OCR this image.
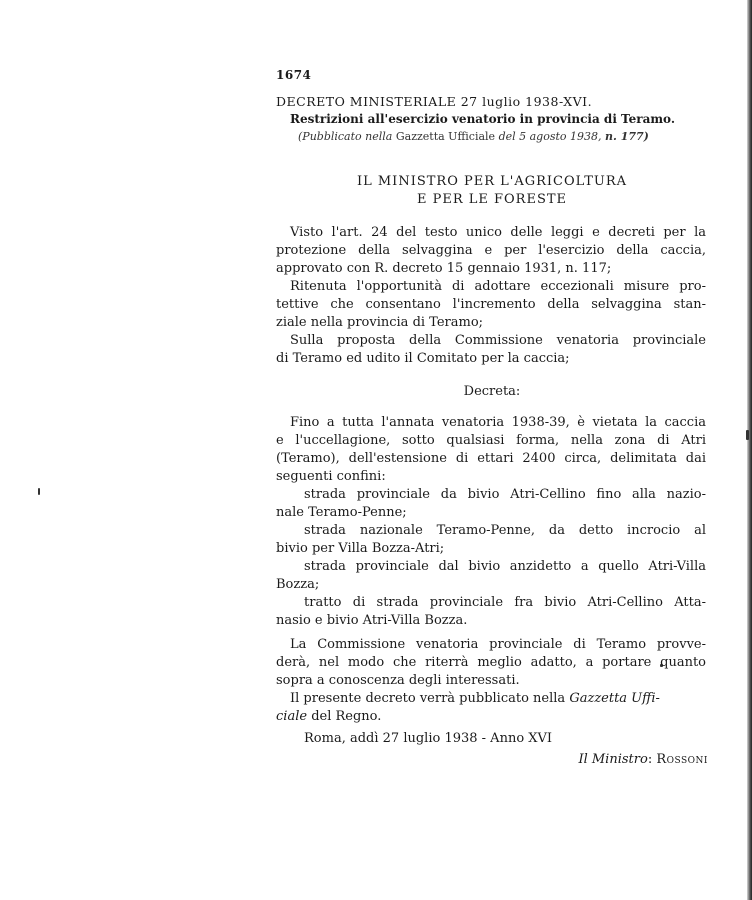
1674
DECRETO MINISTERIALE 27 luglio 1938-XVI.
Restrizioni all'esercizio venatorio in provincia di Teramo.
(Pubblicato nella Gazzetta Ufficiale del 5 agosto 1938, n. 177)
IL MINISTRO PER L'AGRICOLTURA
E PER LE FORESTE
Visto l'art. 24 del testo unico delle leggi e decreti per la
protezione della selvaggina e per l'esercizio della caccia,
approvato con R. decreto 15 gennaio 1931, n. 117;
Ritenuta l'opportunità di adottare eccezionali misure pro-
tettive che consentano l'incremento della selvaggina stan-
ziale nella provincia di Teramo;
Sulla proposta della Commissione venatoria provinciale
di Teramo ed udito il Comitato per la caccia;
Decreta:
Fino a tutta l'annata venatoria 1938-39, è vietata la caccia
e l'uccellagione, sotto qualsiasi forma, nella zona di Atri
(Teramo), dell'estensione di ettari 2400 circa, delimitata dai
seguenti confini:
strada provinciale da bivio Atri-Cellino fino alla nazio-
nale Teramo-Penne;
strada nazionale Teramo-Penne, da detto incrocio al
bivio per Villa Bozza-Atri;
strada provinciale dal bivio anzidetto a quello Atri-Villa
Bozza;
tratto di strada provinciale fra bivio Atri-Cellino Atta-
nasio e bivio Atri-Villa Bozza.
La Commissione venatoria provinciale di Teramo provve-
derà, nel modo che riterrà meglio adatto, a portare quanto
sopra a conoscenza degli interessati.
Il presente decreto verrà pubblicato nella Gazzetta Uffi-
ciale del Regno.
Roma, addì 27 luglio 1938 - Anno XVI
Il Ministro: Rossoni
